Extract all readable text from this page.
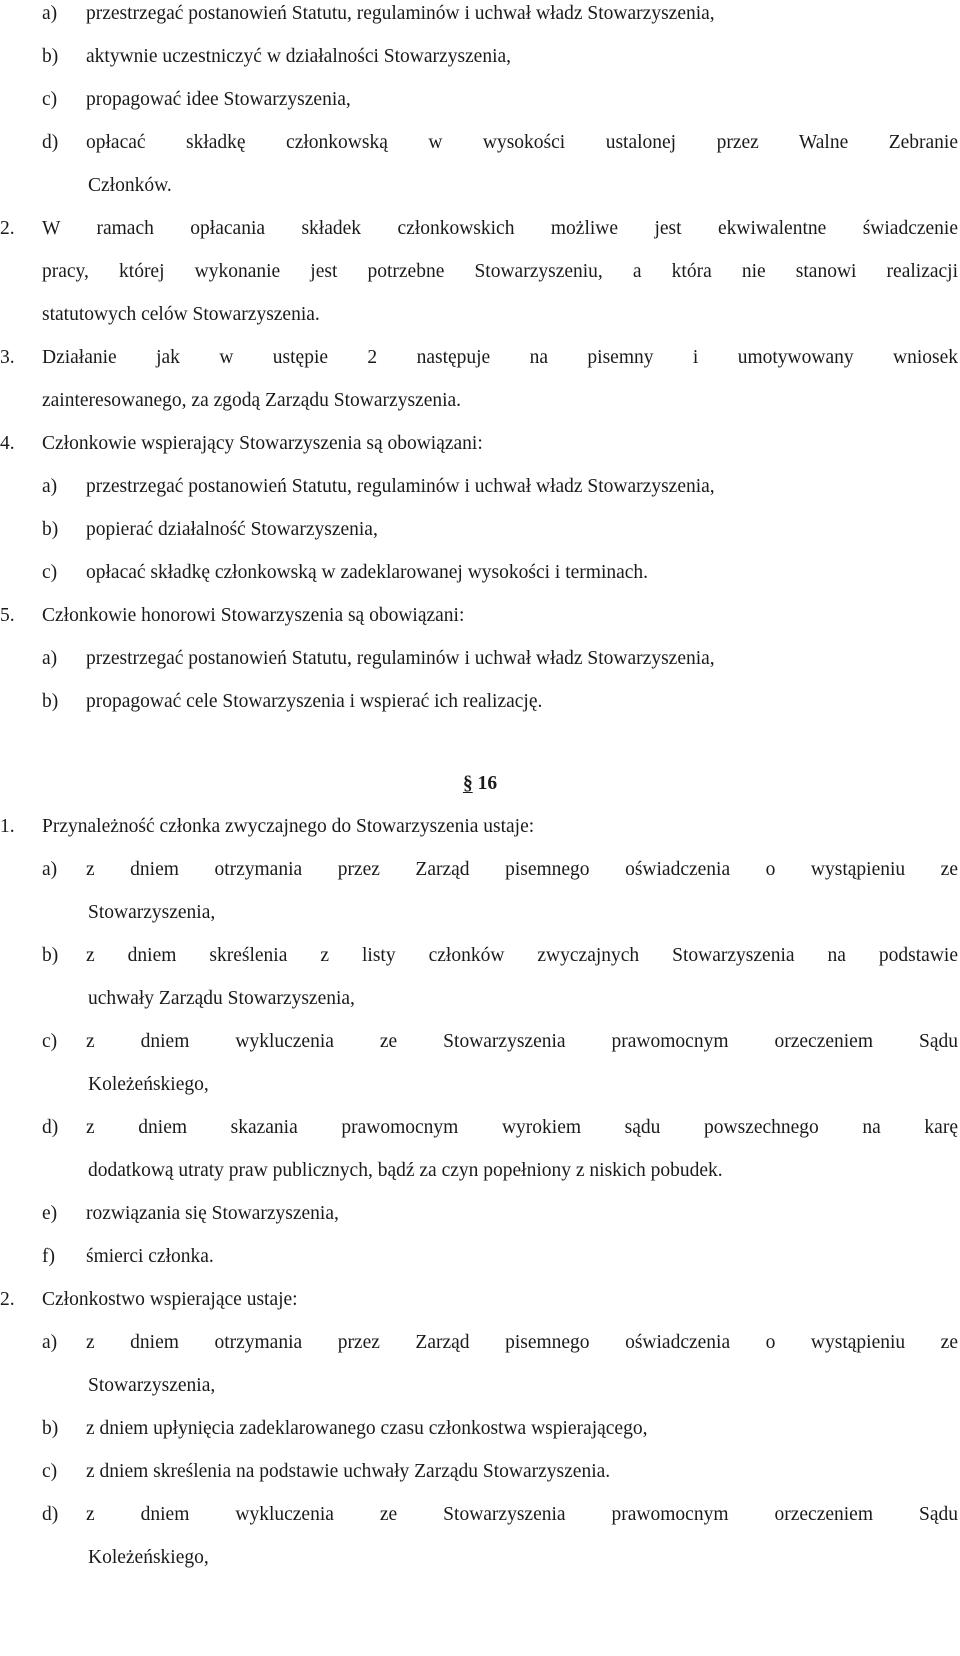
a) przestrzegać postanowień Statutu, regulaminów i uchwał władz Stowarzyszenia,
b) aktywnie uczestniczyć w działalności Stowarzyszenia,
c) propagować idee Stowarzyszenia,
d) opłacać składkę członkowską w wysokości ustalonej przez Walne Zebranie
Członków.
2. W ramach opłacania składek członkowskich możliwe jest ekwiwalentne świadczenie
pracy, której wykonanie jest potrzebne Stowarzyszeniu, a która nie stanowi realizacji
statutowych celów Stowarzyszenia.
3. Działanie jak w ustępie 2 następuje na pisemny i umotywowany wniosek
zainteresowanego, za zgodą Zarządu Stowarzyszenia.
4. Członkowie wspierający Stowarzyszenia są obowiązani:
a) przestrzegać postanowień Statutu, regulaminów i uchwał władz Stowarzyszenia,
b) popierać działalność Stowarzyszenia,
c) opłacać składkę członkowską w zadeklarowanej wysokości i terminach.
5. Członkowie honorowi Stowarzyszenia są obowiązani:
a) przestrzegać postanowień Statutu, regulaminów i uchwał władz Stowarzyszenia,
b) propagować cele Stowarzyszenia i wspierać ich realizację.
§ 16
1. Przynależność członka zwyczajnego do Stowarzyszenia ustaje:
a) z dniem otrzymania przez Zarząd pisemnego oświadczenia o wystąpieniu ze
Stowarzyszenia,
b) z dniem skreślenia z listy członków zwyczajnych Stowarzyszenia na podstawie
uchwały Zarządu Stowarzyszenia,
c) z dniem wykluczenia ze Stowarzyszenia prawomocnym orzeczeniem Sądu
Koleżeńskiego,
d) z dniem skazania prawomocnym wyrokiem sądu powszechnego na karę
dodatkową utraty praw publicznych, bądź za czyn popełniony z niskich pobudek.
e) rozwiązania się Stowarzyszenia,
f) śmierci członka.
2. Członkostwo wspierające ustaje:
a) z dniem otrzymania przez Zarząd pisemnego oświadczenia o wystąpieniu ze
Stowarzyszenia,
b) z dniem upłynięcia zadeklarowanego czasu członkostwa wspierającego,
c) z dniem skreślenia na podstawie uchwały Zarządu Stowarzyszenia.
d) z dniem wykluczenia ze Stowarzyszenia prawomocnym orzeczeniem Sądu
Koleżeńskiego,
